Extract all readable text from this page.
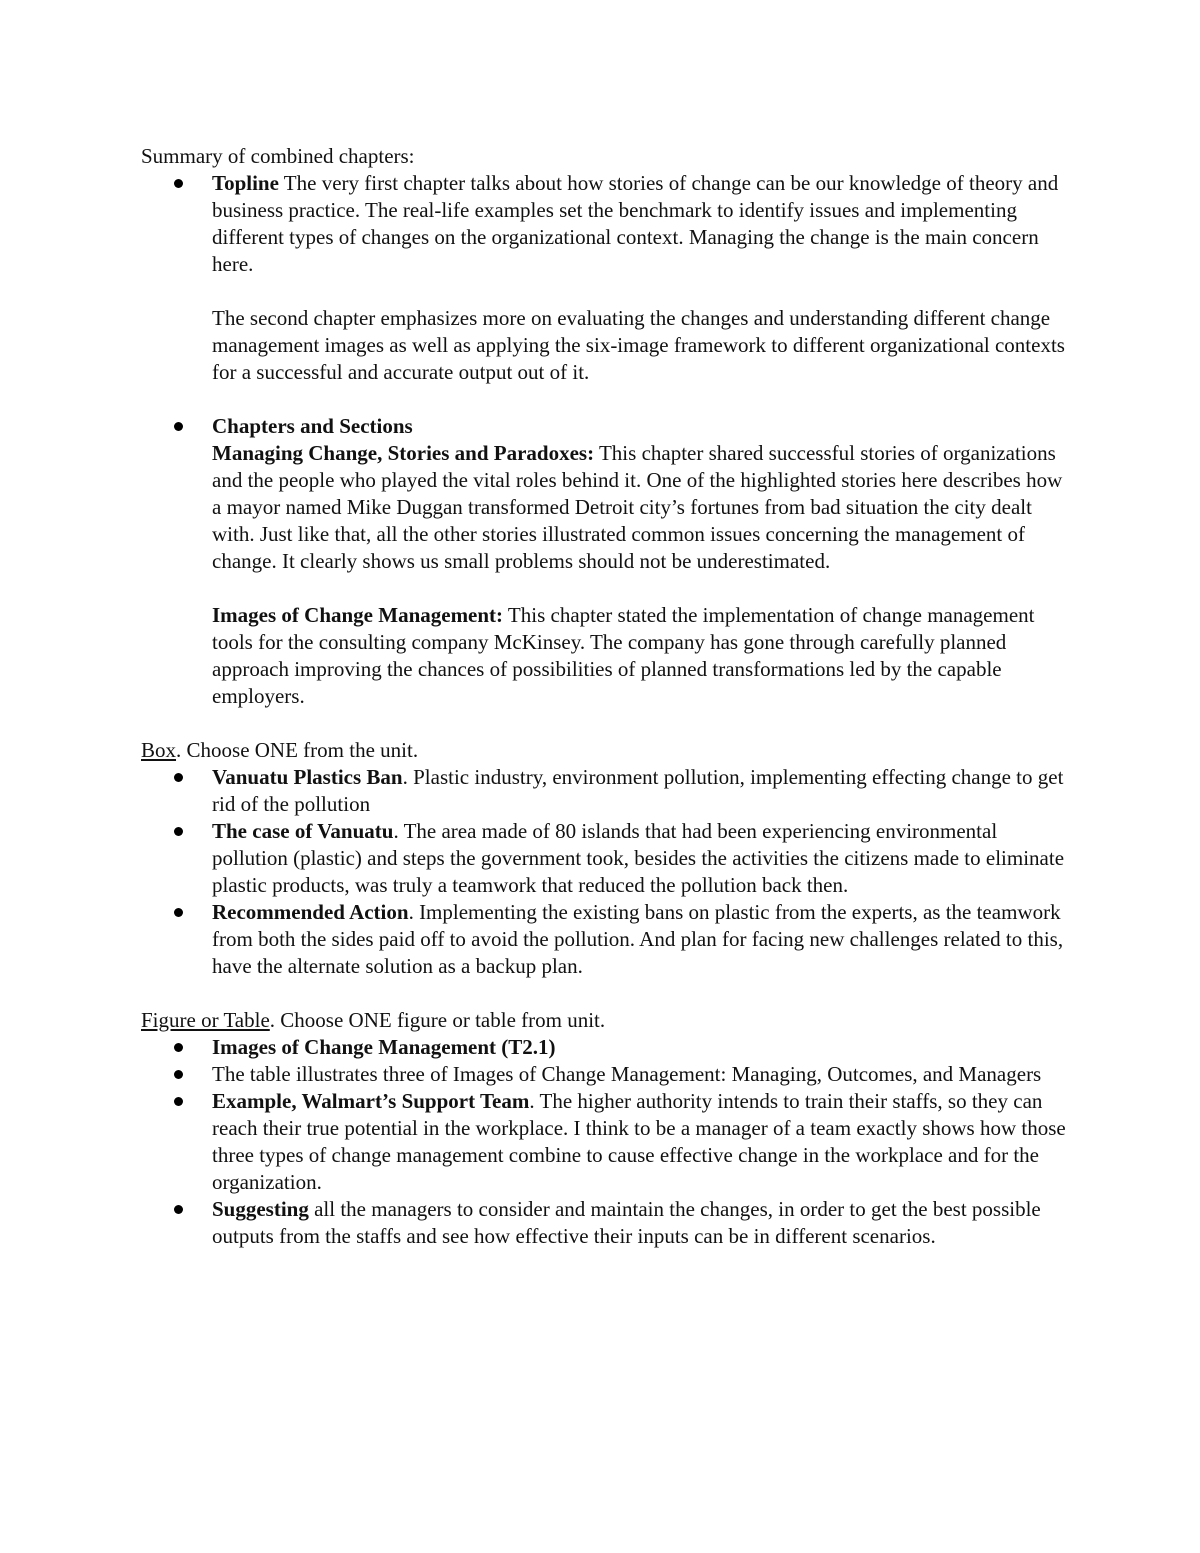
Summary of combined chapters:

Topline The very first chapter talks about how stories of change can be our knowledge of theory and business practice. The real-life examples set the benchmark to identify issues and implementing different types of changes on the organizational context. Managing the change is the main concern here.

The second chapter emphasizes more on evaluating the changes and understanding different change management images as well as applying the six-image framework to different organizational contexts for a successful and accurate output out of it.

Chapters and Sections

Managing Change, Stories and Paradoxes: This chapter shared successful stories of organizations and the people who played the vital roles behind it. One of the highlighted stories here describes how a mayor named Mike Duggan transformed Detroit city’s fortunes from bad situation the city dealt with. Just like that, all the other stories illustrated common issues concerning the management of change. It clearly shows us small problems should not be underestimated.

Images of Change Management: This chapter stated the implementation of change management tools for the consulting company McKinsey. The company has gone through carefully planned approach improving the chances of possibilities of planned transformations led by the capable employers.

Box. Choose ONE from the unit.

Vanuatu Plastics Ban. Plastic industry, environment pollution, implementing effecting change to get rid of the pollution
The case of Vanuatu. The area made of 80 islands that had been experiencing environmental pollution (plastic) and steps the government took, besides the activities the citizens made to eliminate plastic products, was truly a teamwork that reduced the pollution back then.
Recommended Action. Implementing the existing bans on plastic from the experts, as the teamwork from both the sides paid off to avoid the pollution. And plan for facing new challenges related to this, have the alternate solution as a backup plan.

Figure or Table. Choose ONE figure or table from unit.

Images of Change Management (T2.1)
The table illustrates three of Images of Change Management: Managing, Outcomes, and Managers
Example, Walmart’s Support Team. The higher authority intends to train their staffs, so they can reach their true potential in the workplace. I think to be a manager of a team exactly shows how those three types of change management combine to cause effective change in the workplace and for the organization.
Suggesting all the managers to consider and maintain the changes, in order to get the best possible outputs from the staffs and see how effective their inputs can be in different scenarios.
